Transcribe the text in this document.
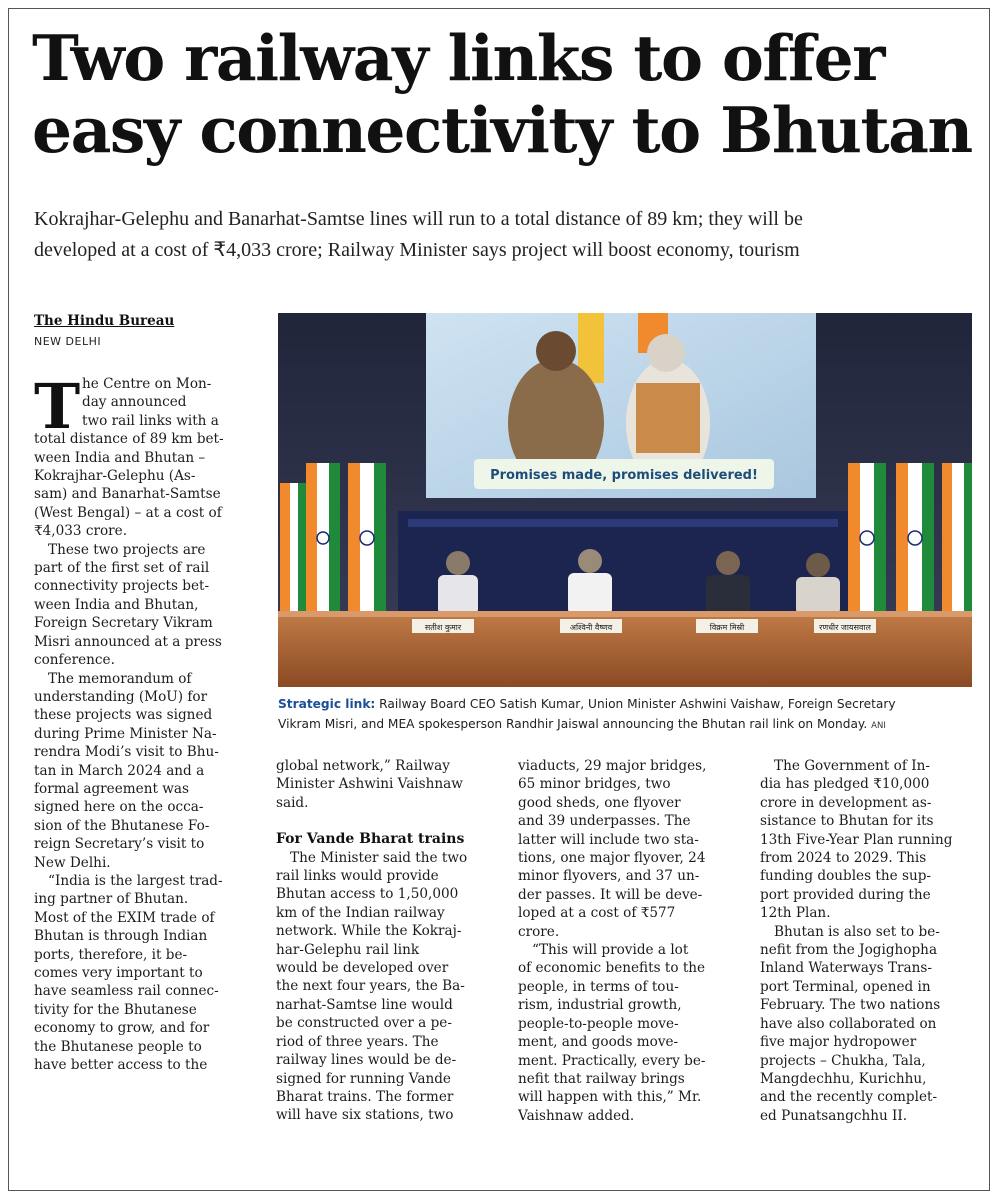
Two railway links to offer
easy connectivity to Bhutan
Kokrajhar-Gelephu and Banarhat-Samtse lines will run to a total distance of 89 km; they will be
developed at a cost of ₹4,033 crore; Railway Minister says project will boost economy, tourism
The Hindu Bureau
NEW DELHI
T he Centre on Mon-
day announced
two rail links with a
total distance of 89 km bet-
ween India and Bhutan –
Kokrajhar-Gelephu (As-
sam) and Banarhat-Samtse
(West Bengal) – at a cost of
₹4,033 crore.
These two projects are
part of the first set of rail
connectivity projects bet-
ween India and Bhutan,
Foreign Secretary Vikram
Misri announced at a press
conference.
The memorandum of
understanding (MoU) for
these projects was signed
during Prime Minister Na-
rendra Modi’s visit to Bhu-
tan in March 2024 and a
formal agreement was
signed here on the occa-
sion of the Bhutanese Fo-
reign Secretary’s visit to
New Delhi.
“India is the largest trad-
ing partner of Bhutan.
Most of the EXIM trade of
Bhutan is through Indian
ports, therefore, it be-
comes very important to
have seamless rail connec-
tivity for the Bhutanese
economy to grow, and for
the Bhutanese people to
have better access to the
Promises made, promises delivered!
सतीश कुमार	अश्विनी वैष्णव	विक्रम मिस्री	रणधीर जायसवाल
Strategic link: Railway Board CEO Satish Kumar, Union Minister Ashwini Vaishaw, Foreign Secretary
Vikram Misri, and MEA spokesperson Randhir Jaiswal announcing the Bhutan rail link on Monday. ANI
global network,” Railway
Minister Ashwini Vaishnaw
said.
For Vande Bharat trains
The Minister said the two
rail links would provide
Bhutan access to 1,50,000
km of the Indian railway
network. While the Kokraj-
har-Gelephu rail link
would be developed over
the next four years, the Ba-
narhat-Samtse line would
be constructed over a pe-
riod of three years. The
railway lines would be de-
signed for running Vande
Bharat trains. The former
will have six stations, two
viaducts, 29 major bridges,
65 minor bridges, two
good sheds, one flyover
and 39 underpasses. The
latter will include two sta-
tions, one major flyover, 24
minor flyovers, and 37 un-
der passes. It will be deve-
loped at a cost of ₹577
crore.
“This will provide a lot
of economic benefits to the
people, in terms of tou-
rism, industrial growth,
people-to-people move-
ment, and goods move-
ment. Practically, every be-
nefit that railway brings
will happen with this,” Mr.
Vaishnaw added.
The Government of In-
dia has pledged ₹10,000
crore in development as-
sistance to Bhutan for its
13th Five-Year Plan running
from 2024 to 2029. This
funding doubles the sup-
port provided during the
12th Plan.
Bhutan is also set to be-
nefit from the Jogighopha
Inland Waterways Trans-
port Terminal, opened in
February. The two nations
have also collaborated on
five major hydropower
projects – Chukha, Tala,
Mangdechhu, Kurichhu,
and the recently complet-
ed Punatsangchhu II.
